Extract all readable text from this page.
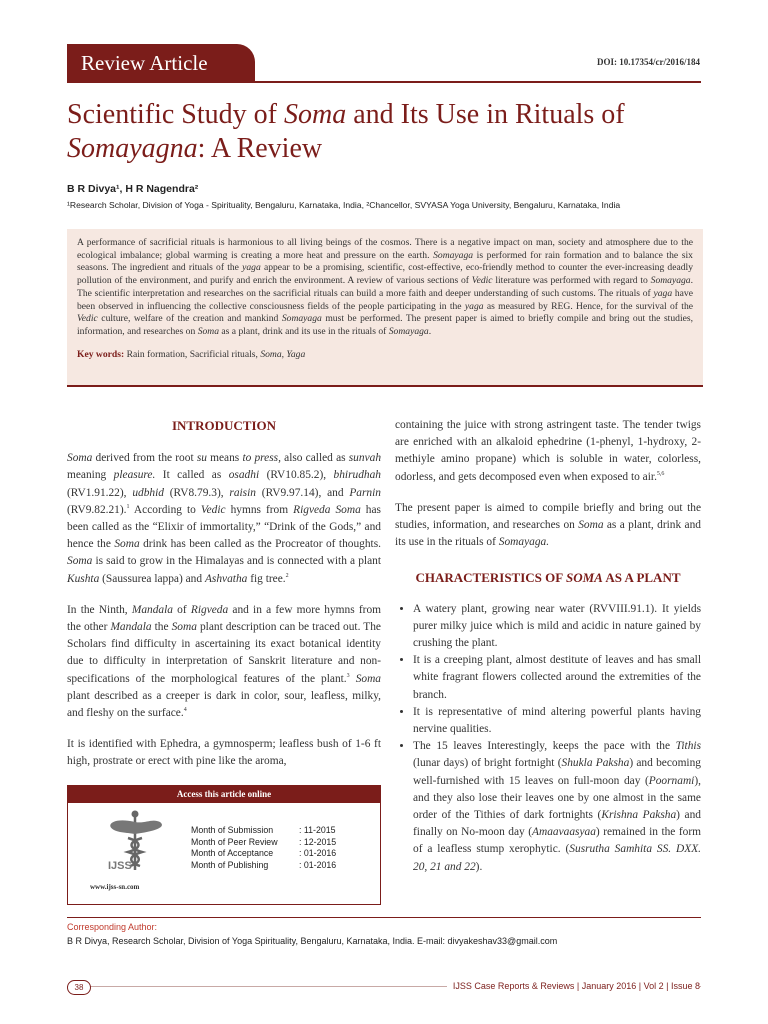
Review Article	DOI: 10.17354/cr/2016/184
Scientific Study of Soma and Its Use in Rituals of
Somayagna: A Review
B R Divya¹, H R Nagendra²
¹Research Scholar, Division of Yoga - Spirituality, Bengaluru, Karnataka, India, ²Chancellor, SVYASA Yoga University, Bengaluru, Karnataka, India
A performance of sacrificial rituals is harmonious to all living beings of the cosmos. There is a negative impact on man, society and atmosphere due to the ecological imbalance; global warming is creating a more heat and pressure on the earth. Somayaga is performed for rain formation and to balance the six seasons. The ingredient and rituals of the yaga appear to be a promising, scientific, cost-effective, eco-friendly method to counter the ever-increasing deadly pollution of the environment, and purify and enrich the environment. A review of various sections of Vedic literature was performed with regard to Somayaga. The scientific interpretation and researches on the sacrificial rituals can build a more faith and deeper understanding of such customs. The rituals of yaga have been observed in influencing the collective consciousness fields of the people participating in the yaga as measured by REG. Hence, for the survival of the Vedic culture, welfare of the creation and mankind Somayaga must be performed. The present paper is aimed to briefly compile and bring out the studies, information, and researches on Soma as a plant, drink and its use in the rituals of Somayaga.
Key words: Rain formation, Sacrificial rituals, Soma, Yaga
INTRODUCTION

Soma derived from the root su means to press, also called as sunvah meaning pleasure. It called as osadhi (RV10.85.2), bhirudhah (RV1.91.22), udbhid (RV8.79.3), raisin (RV9.97.14), and Parnin (RV9.82.21).$^1$ According to Vedic hymns from Rigveda Soma has been called as the “Elixir of immortality,” “Drink of the Gods,” and hence the Soma drink has been called as the Procreator of thoughts. Soma is said to grow in the Himalayas and is connected with a plant Kushta (Saussurea lappa) and Ashvatha fig tree.$^2$

In the Ninth, Mandala of Rigveda and in a few more hymns from the other Mandala the Soma plant description can be traced out. The Scholars find difficulty in ascertaining its exact botanical identity due to difficulty in interpretation of Sanskrit literature and non-specifications of the morphological features of the plant.$^3$ Soma plant described as a creeper is dark in color, sour, leafless, milky, and fleshy on the surface.$^4$

It is identified with Ephedra, a gymnosperm; leafless bush of 1-6 ft high, prostrate or erect with pine like the aroma,

Access this article online
IJSS
www.ijss-sn.com
Month of Submission	: 11-2015
Month of Peer Review	: 12-2015
Month of Acceptance	: 01-2016
Month of Publishing	: 01-2016

containing the juice with strong astringent taste. The tender twigs are enriched with an alkaloid ephedrine (1-phenyl, 1-hydroxy, 2-methiyle amino propane) which is soluble in water, colorless, odorless, and gets decomposed even when exposed to air.$^{5,6}$

The present paper is aimed to compile briefly and bring out the studies, information, and researches on Soma as a plant, drink and its use in the rituals of Somayaga.

CHARACTERISTICS OF SOMA AS A PLANT
• A watery plant, growing near water (RVVIII.91.1). It yields purer milky juice which is mild and acidic in nature gained by crushing the plant.
• It is a creeping plant, almost destitute of leaves and has small white fragrant flowers collected around the extremities of the branch.
• It is representative of mind altering powerful plants having nervine qualities.
• The 15 leaves Interestingly, keeps the pace with the Tithis (lunar days) of bright fortnight (Shukla Paksha) and becoming well-furnished with 15 leaves on full-moon day (Poornami), and they also lose their leaves one by one almost in the same order of the Tithies of dark fortnights (Krishna Paksha) and finally on No-moon day (Amaavaasyaa) remained in the form of a leafless stump xerophytic. (Susrutha Samhita SS. DXX. 20, 21 and 22).
Corresponding Author:
B R Divya, Research Scholar, Division of Yoga Spirituality, Bengaluru, Karnataka, India. E-mail: divyakeshav33@gmail.com
38	IJSS Case Reports & Reviews | January 2016 | Vol 2 | Issue 8
